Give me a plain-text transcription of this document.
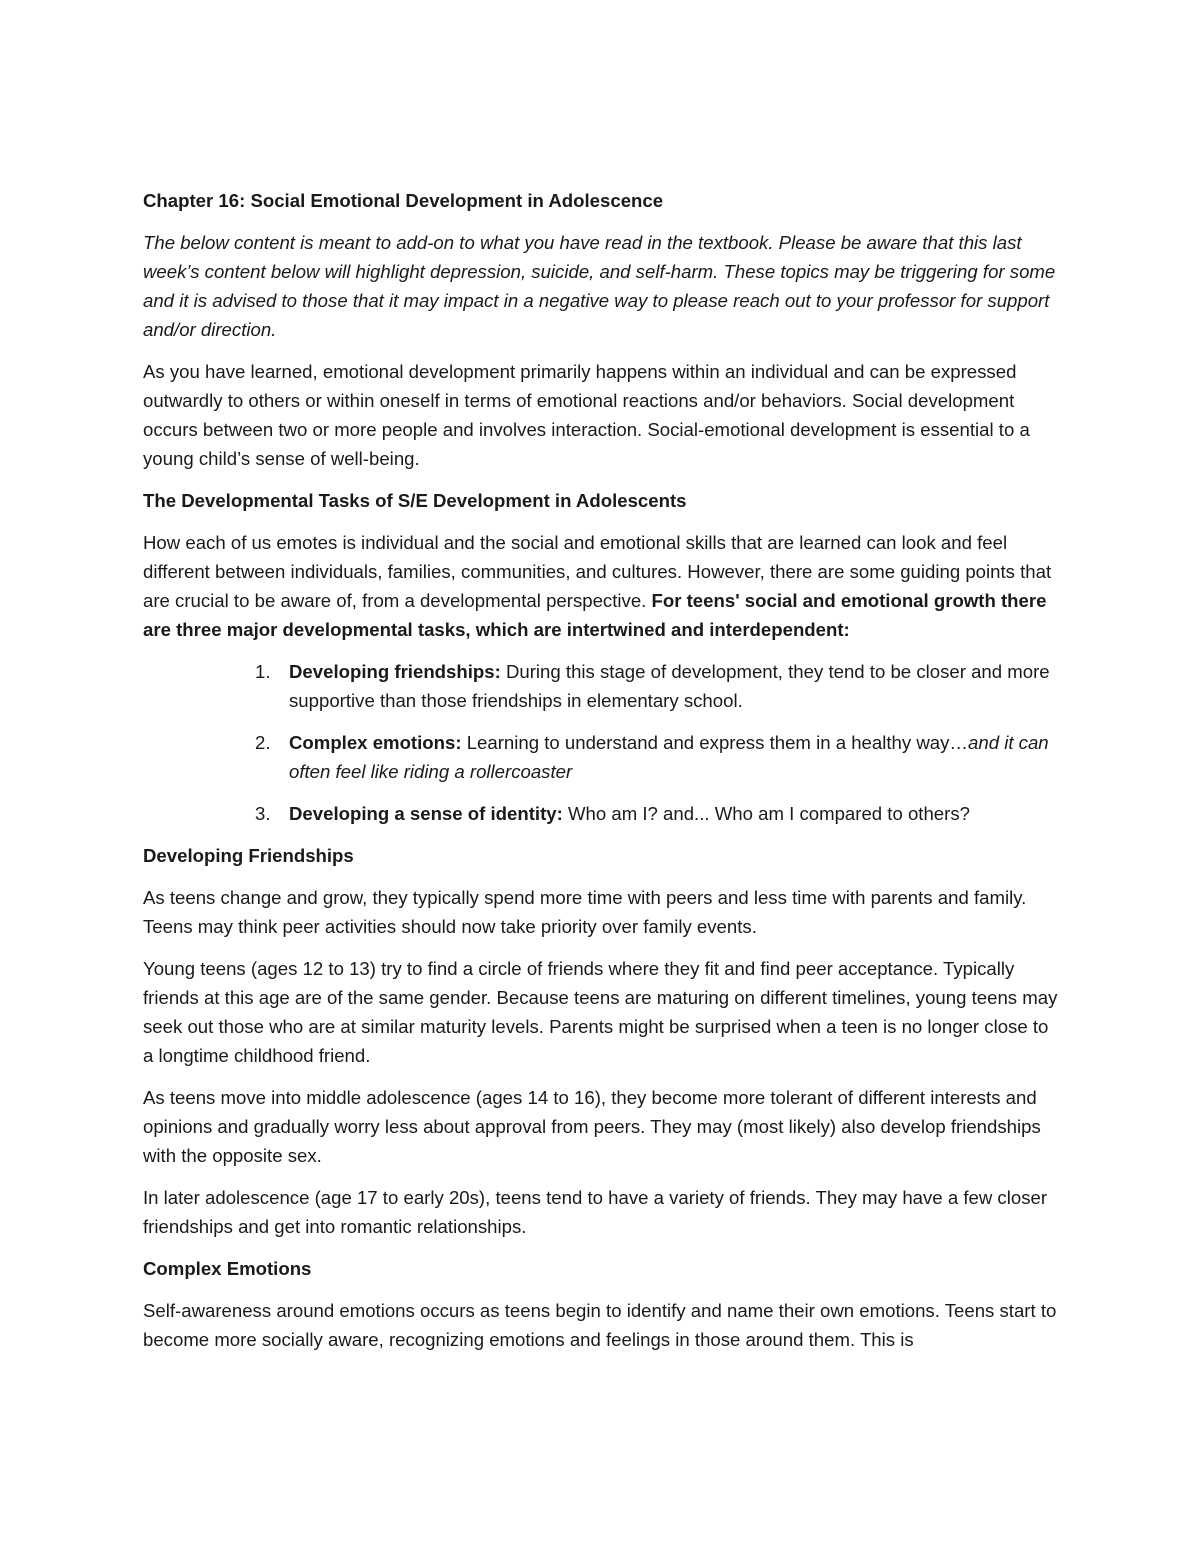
Chapter 16: Social Emotional Development in Adolescence

The below content is meant to add-on to what you have read in the textbook. Please be aware that this last week’s content below will highlight depression, suicide, and self-harm. These topics may be triggering for some and it is advised to those that it may impact in a negative way to please reach out to your professor for support and/or direction.

As you have learned, emotional development primarily happens within an individual and can be expressed outwardly to others or within oneself in terms of emotional reactions and/or behaviors. Social development occurs between two or more people and involves interaction. Social-emotional development is essential to a young child’s sense of well-being.

The Developmental Tasks of S/E Development in Adolescents

How each of us emotes is individual and the social and emotional skills that are learned can look and feel different between individuals, families, communities, and cultures. However, there are some guiding points that are crucial to be aware of, from a developmental perspective. For teens' social and emotional growth there are three major developmental tasks, which are intertwined and interdependent:

1. Developing friendships: During this stage of development, they tend to be closer and more supportive than those friendships in elementary school.
2. Complex emotions: Learning to understand and express them in a healthy way…and it can often feel like riding a rollercoaster
3. Developing a sense of identity: Who am I? and... Who am I compared to others?
Developing Friendships

As teens change and grow, they typically spend more time with peers and less time with parents and family. Teens may think peer activities should now take priority over family events.

Young teens (ages 12 to 13) try to find a circle of friends where they fit and find peer acceptance. Typically friends at this age are of the same gender. Because teens are maturing on different timelines, young teens may seek out those who are at similar maturity levels. Parents might be surprised when a teen is no longer close to a longtime childhood friend.

As teens move into middle adolescence (ages 14 to 16), they become more tolerant of different interests and opinions and gradually worry less about approval from peers. They may (most likely) also develop friendships with the opposite sex.

In later adolescence (age 17 to early 20s), teens tend to have a variety of friends. They may have a few closer friendships and get into romantic relationships.

Complex Emotions

Self-awareness around emotions occurs as teens begin to identify and name their own emotions. Teens start to become more socially aware, recognizing emotions and feelings in those around them. This is
